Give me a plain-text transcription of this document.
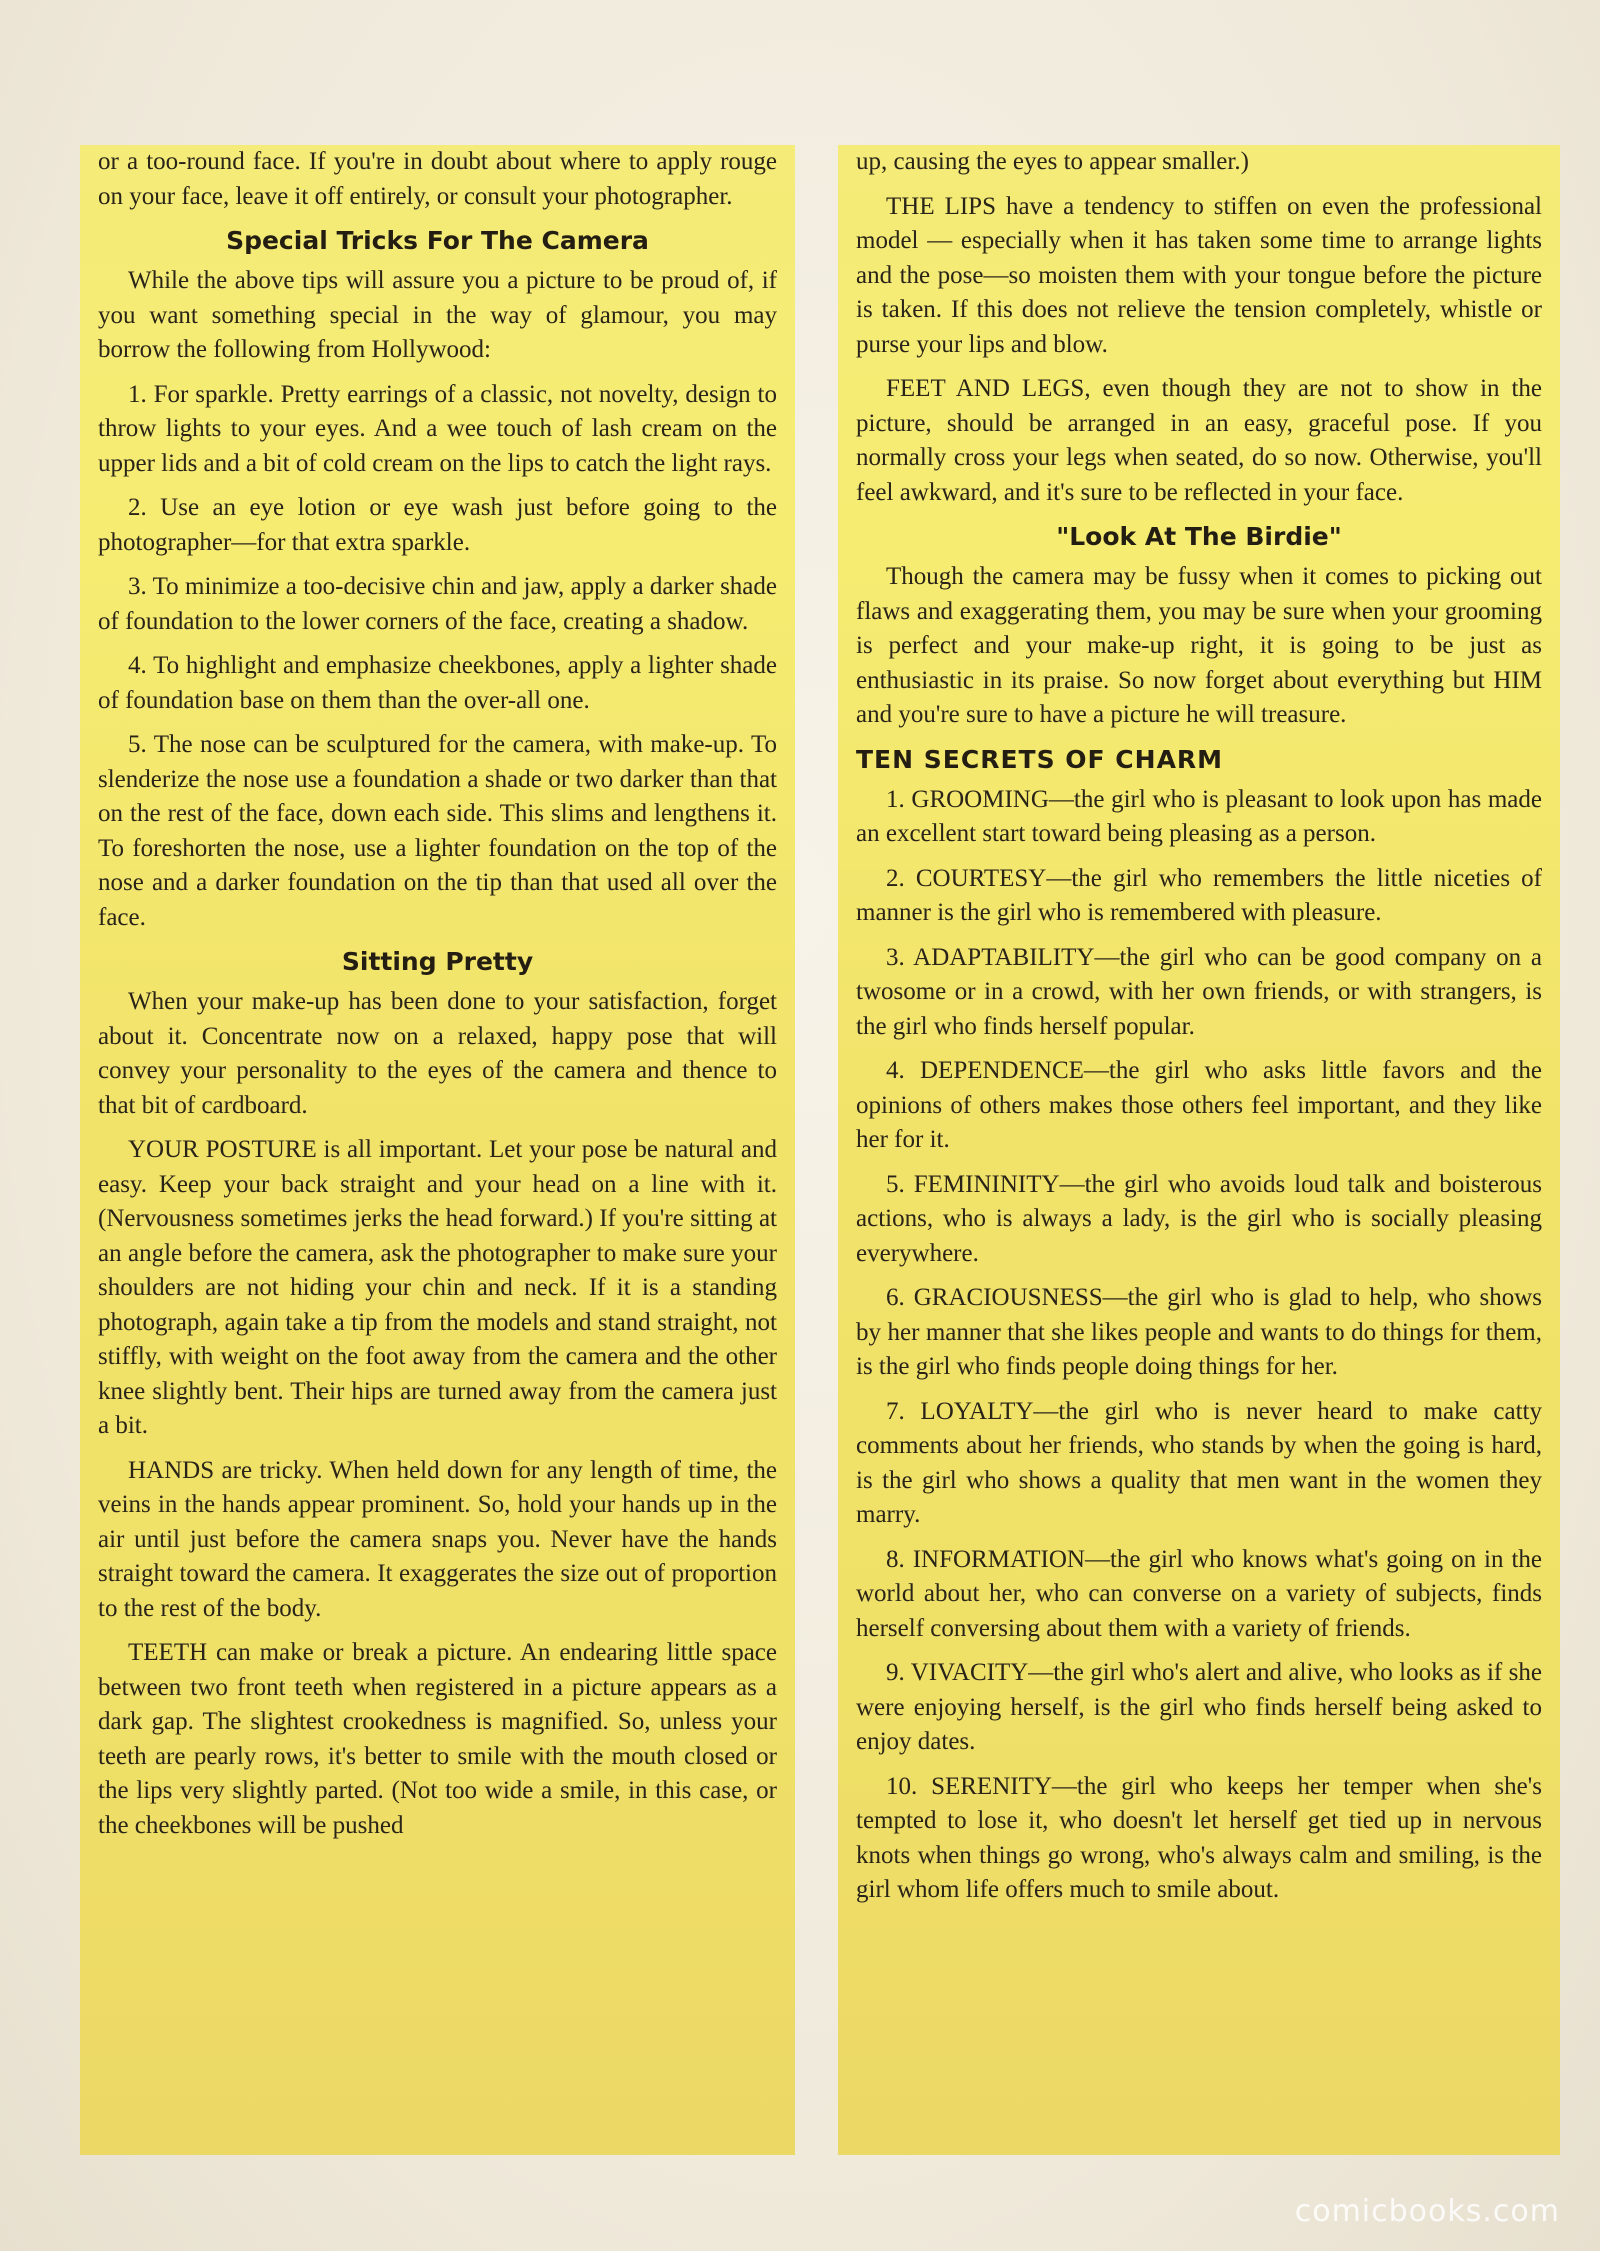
or a too-round face. If you're in doubt about where to apply rouge on your face, leave it off entirely, or consult your photographer.

Special Tricks For The Camera

While the above tips will assure you a picture to be proud of, if you want something special in the way of glamour, you may borrow the following from Hollywood:

1. For sparkle. Pretty earrings of a classic, not novelty, design to throw lights to your eyes. And a wee touch of lash cream on the upper lids and a bit of cold cream on the lips to catch the light rays.

2. Use an eye lotion or eye wash just before going to the photographer—for that extra sparkle.

3. To minimize a too-decisive chin and jaw, apply a darker shade of foundation to the lower corners of the face, creating a shadow.

4. To highlight and emphasize cheekbones, apply a lighter shade of foundation base on them than the over-all one.

5. The nose can be sculptured for the camera, with make-up. To slenderize the nose use a foundation a shade or two darker than that on the rest of the face, down each side. This slims and lengthens it. To foreshorten the nose, use a lighter foundation on the top of the nose and a darker foundation on the tip than that used all over the face.

Sitting Pretty

When your make-up has been done to your satisfaction, forget about it. Concentrate now on a relaxed, happy pose that will convey your personality to the eyes of the camera and thence to that bit of cardboard.

YOUR POSTURE is all important. Let your pose be natural and easy. Keep your back straight and your head on a line with it. (Nervousness sometimes jerks the head forward.) If you're sitting at an angle before the camera, ask the photographer to make sure your shoulders are not hiding your chin and neck. If it is a standing photograph, again take a tip from the models and stand straight, not stiffly, with weight on the foot away from the camera and the other knee slightly bent. Their hips are turned away from the camera just a bit.

HANDS are tricky. When held down for any length of time, the veins in the hands appear prominent. So, hold your hands up in the air until just before the camera snaps you. Never have the hands straight toward the camera. It exaggerates the size out of proportion to the rest of the body.

TEETH can make or break a picture. An endearing little space between two front teeth when registered in a picture appears as a dark gap. The slightest crookedness is magnified. So, unless your teeth are pearly rows, it's better to smile with the mouth closed or the lips very slightly parted. (Not too wide a smile, in this case, or the cheekbones will be pushed

up, causing the eyes to appear smaller.)

THE LIPS have a tendency to stiffen on even the professional model — especially when it has taken some time to arrange lights and the pose—so moisten them with your tongue before the picture is taken. If this does not relieve the tension completely, whistle or purse your lips and blow.

FEET AND LEGS, even though they are not to show in the picture, should be arranged in an easy, graceful pose. If you normally cross your legs when seated, do so now. Otherwise, you'll feel awkward, and it's sure to be reflected in your face.

"Look At The Birdie"

Though the camera may be fussy when it comes to picking out flaws and exaggerating them, you may be sure when your grooming is perfect and your make-up right, it is going to be just as enthusiastic in its praise. So now forget about everything but HIM and you're sure to have a picture he will treasure.

TEN SECRETS OF CHARM

1. GROOMING—the girl who is pleasant to look upon has made an excellent start toward being pleasing as a person.

2. COURTESY—the girl who remembers the little niceties of manner is the girl who is remembered with pleasure.

3. ADAPTABILITY—the girl who can be good company on a twosome or in a crowd, with her own friends, or with strangers, is the girl who finds herself popular.

4. DEPENDENCE—the girl who asks little favors and the opinions of others makes those others feel important, and they like her for it.

5. FEMININITY—the girl who avoids loud talk and boisterous actions, who is always a lady, is the girl who is socially pleasing everywhere.

6. GRACIOUSNESS—the girl who is glad to help, who shows by her manner that she likes people and wants to do things for them, is the girl who finds people doing things for her.

7. LOYALTY—the girl who is never heard to make catty comments about her friends, who stands by when the going is hard, is the girl who shows a quality that men want in the women they marry.

8. INFORMATION—the girl who knows what's going on in the world about her, who can converse on a variety of subjects, finds herself conversing about them with a variety of friends.

9. VIVACITY—the girl who's alert and alive, who looks as if she were enjoying herself, is the girl who finds herself being asked to enjoy dates.

10. SERENITY—the girl who keeps her temper when she's tempted to lose it, who doesn't let herself get tied up in nervous knots when things go wrong, who's always calm and smiling, is the girl whom life offers much to smile about.

comicbooks.com
